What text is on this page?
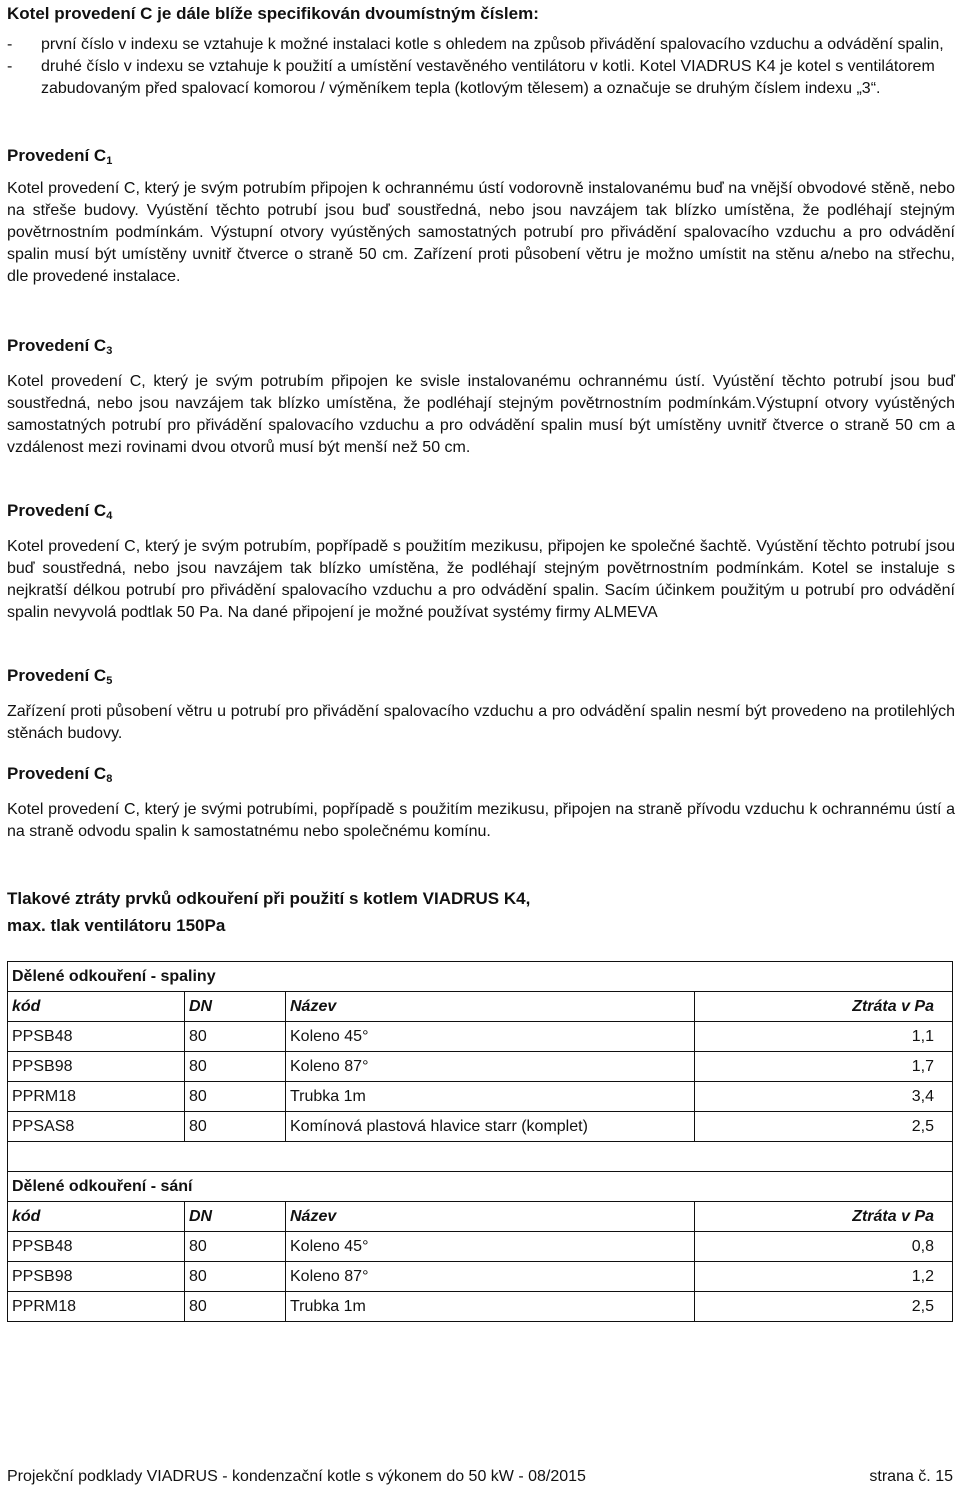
Kotel provedení C je dále blíže specifikován dvoumístným číslem:
-	první číslo v indexu se vztahuje k možné instalaci kotle s ohledem na způsob přivádění spalovacího vzduchu a odvádění spalin,
-	druhé číslo v indexu se vztahuje k použití a umístění vestavěného ventilátoru v kotli. Kotel VIADRUS K4 je kotel s ventilátorem zabudovaným před spalovací komorou / výměníkem tepla (kotlovým tělesem) a označuje se druhým číslem indexu „3“.
Provedení $C_1$
Kotel provedení C, který je svým potrubím připojen k ochrannému ústí vodorovně instalovanému buď na vnější obvodové stěně, nebo na střeše budovy. Vyústění těchto potrubí jsou buď soustředná, nebo jsou navzájem tak blízko umístěna, že podléhají stejným povětrnostním podmínkám. Výstupní otvory vyústěných samostatných potrubí pro přivádění spalovacího vzduchu a pro odvádění spalin musí být umístěny uvnitř čtverce o straně 50 cm. Zařízení proti působení větru je možno umístit na stěnu a/nebo na střechu, dle provedené instalace.
Provedení $C_3$
Kotel provedení C, který je svým potrubím připojen ke svisle instalovanému ochrannému ústí. Vyústění těchto potrubí jsou buď soustředná, nebo jsou navzájem tak blízko umístěna, že podléhají stejným povětrnostním podmínkám.Výstupní otvory vyústěných samostatných potrubí pro přivádění spalovacího vzduchu a pro odvádění spalin musí být umístěny uvnitř čtverce o straně 50 cm a vzdálenost mezi rovinami dvou otvorů musí být menší než 50 cm.
Provedení $C_4$
Kotel provedení C, který je svým potrubím, popřípadě s použitím mezikusu, připojen ke společné šachtě. Vyústění těchto potrubí jsou buď soustředná, nebo jsou navzájem tak blízko umístěna, že podléhají stejným povětrnostním podmínkám. Kotel se instaluje s nejkratší délkou potrubí pro přivádění spalovacího vzduchu a pro odvádění spalin. Sacím účinkem použitým u potrubí pro odvádění spalin nevyvolá podtlak 50 Pa. Na dané připojení je možné používat systémy firmy ALMEVA
Provedení $C_5$
Zařízení proti působení větru u potrubí pro přivádění spalovacího vzduchu a pro odvádění spalin nesmí být provedeno na protilehlých stěnách budovy.
Provedení $C_8$
Kotel provedení C, který je svými potrubími, popřípadě s použitím mezikusu, připojen na straně přívodu vzduchu k ochrannému ústí a na straně odvodu spalin k samostatnému nebo společnému komínu.
Tlakové ztráty prvků odkouření při použití s kotlem VIADRUS K4,
max. tlak ventilátoru 150Pa
Dělené odkouření - spaliny			
kód	DN	Název	Ztráta v Pa
PPSB48	80	Koleno 45°	1,1
PPSB98	80	Koleno 87°	1,7
PPRM18	80	Trubka 1m	3,4
PPSAS8	80	Komínová plastová hlavice starr (komplet)	2,5

Dělené odkouření - sání			
kód	DN	Název	Ztráta v Pa
PPSB48	80	Koleno 45°	0,8
PPSB98	80	Koleno 87°	1,2
PPRM18	80	Trubka 1m	2,5
Projekční podklady VIADRUS - kondenzační kotle s výkonem do 50 kW - 08/2015	strana č. 15
